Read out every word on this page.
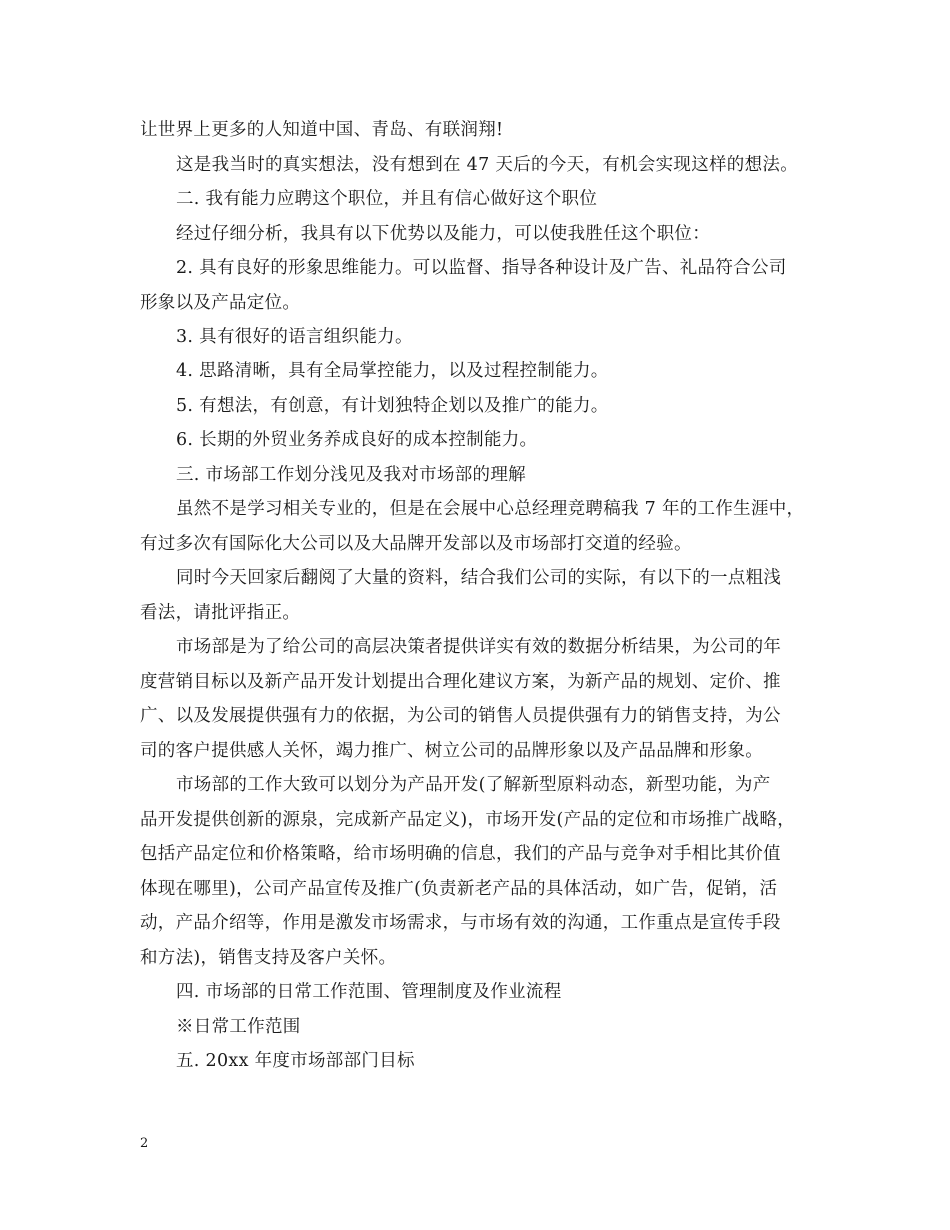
让世界上更多的人知道中国、青岛、有联润翔!
这是我当时的真实想法，没有想到在 47 天后的今天，有机会实现这样的想法。
二. 我有能力应聘这个职位，并且有信心做好这个职位
经过仔细分析，我具有以下优势以及能力，可以使我胜任这个职位：
2. 具有良好的形象思维能力。可以监督、指导各种设计及广告、礼品符合公司
形象以及产品定位。
3. 具有很好的语言组织能力。
4. 思路清晰，具有全局掌控能力，以及过程控制能力。
5. 有想法，有创意，有计划独特企划以及推广的能力。
6. 长期的外贸业务养成良好的成本控制能力。
三. 市场部工作划分浅见及我对市场部的理解
虽然不是学习相关专业的，但是在会展中心总经理竞聘稿我 7 年的工作生涯中，
有过多次有国际化大公司以及大品牌开发部以及市场部打交道的经验。
同时今天回家后翻阅了大量的资料，结合我们公司的实际，有以下的一点粗浅
看法，请批评指正。
市场部是为了给公司的高层决策者提供详实有效的数据分析结果，为公司的年
度营销目标以及新产品开发计划提出合理化建议方案，为新产品的规划、定价、推
广、以及发展提供强有力的依据，为公司的销售人员提供强有力的销售支持，为公
司的客户提供感人关怀，竭力推广、树立公司的品牌形象以及产品品牌和形象。
市场部的工作大致可以划分为产品开发(了解新型原料动态，新型功能，为产
品开发提供创新的源泉，完成新产品定义)，市场开发(产品的定位和市场推广战略，
包括产品定位和价格策略，给市场明确的信息，我们的产品与竞争对手相比其价值
体现在哪里)，公司产品宣传及推广(负责新老产品的具体活动，如广告，促销，活
动，产品介绍等，作用是激发市场需求，与市场有效的沟通，工作重点是宣传手段
和方法)，销售支持及客户关怀。
四. 市场部的日常工作范围、管理制度及作业流程
※日常工作范围
五. 20xx 年度市场部部门目标
2
